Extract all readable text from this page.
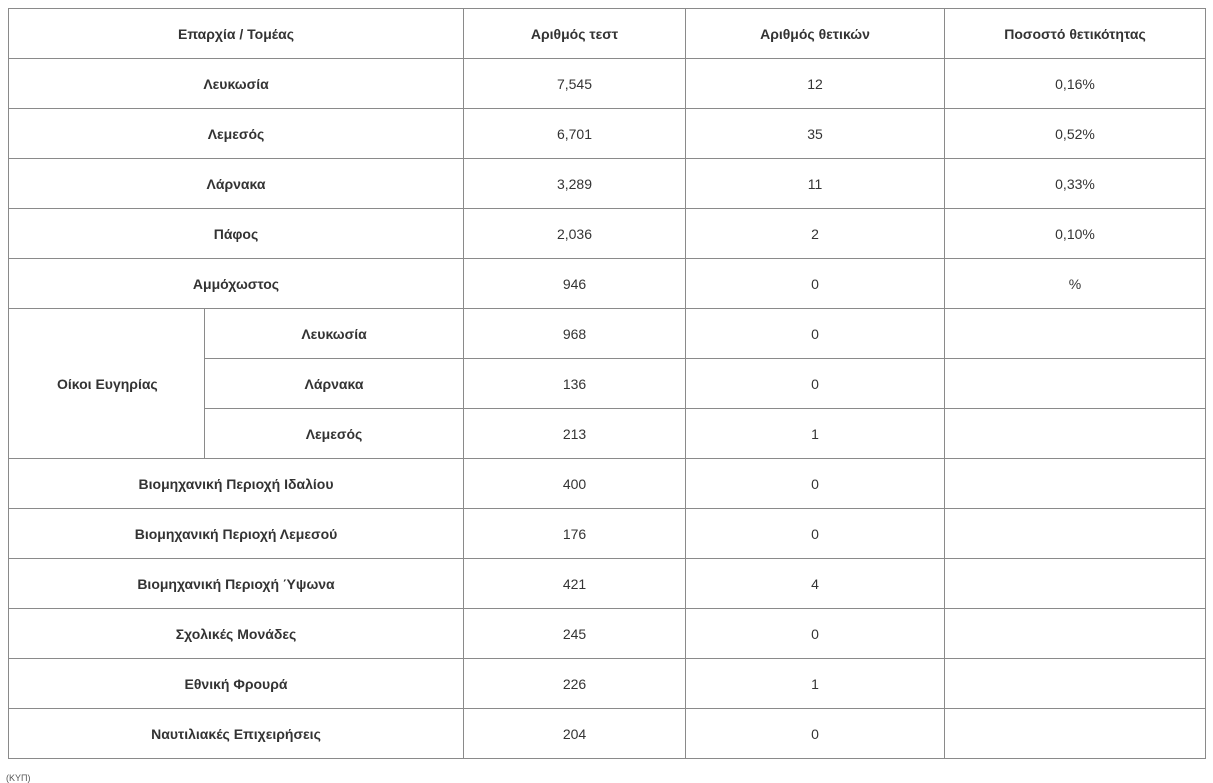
Επαρχία / Τομέας		Αριθμός τεστ	Αριθμός θετικών	Ποσοστό θετικότητας
Λευκωσία		7,545	12	0,16%
Λεμεσός		6,701	35	0,52%
Λάρνακα		3,289	11	0,33%
Πάφος		2,036	2	0,10%
Αμμόχωστος		946	0	%
Οίκοι Ευγηρίας	Λευκωσία	968	0	
	Λάρνακα	136	0	
	Λεμεσός	213	1	
Βιομηχανική Περιοχή Ιδαλίου		400	0	
Βιομηχανική Περιοχή Λεμεσού		176	0	
Βιομηχανική Περιοχή Ύψωνα		421	4	
Σχολικές Μονάδες		245	0	
Εθνική Φρουρά		226	1	
Ναυτιλιακές Επιχειρήσεις		204	0	
(ΚΥΠ)
